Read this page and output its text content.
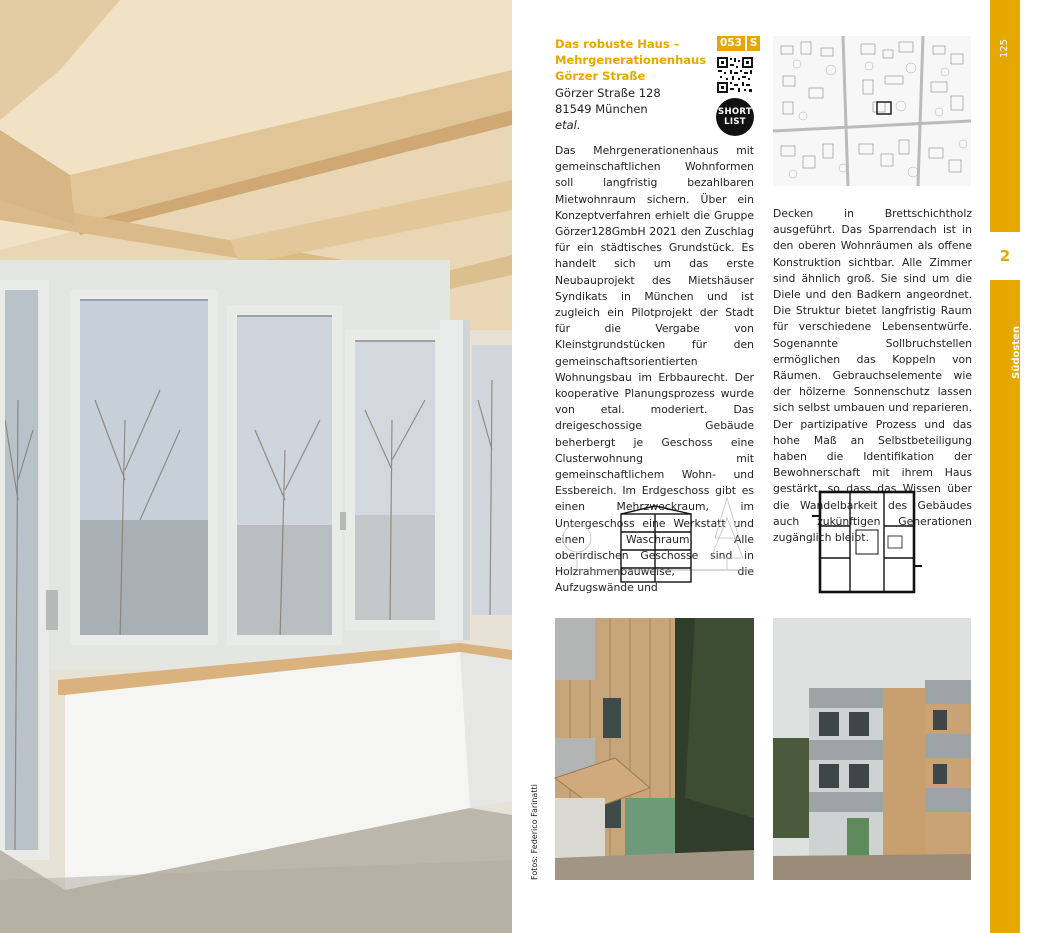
Das robuste Haus – Mehrgenerationenhaus Görzer Straße
Görzer Straße 128
81549 München
etal.
053 S
SHORT
LIST
Das Mehrgenerationenhaus mit gemeinschaftlichen Wohnformen soll langfristig bezahlbaren Mietwohnraum sichern. Über ein Konzeptverfahren erhielt die Gruppe Görzer128GmbH 2021 den Zuschlag für ein städtisches Grundstück. Es handelt sich um das erste Neubauprojekt des Mietshäuser Syndikats in München und ist zugleich ein Pilotprojekt der Stadt für die Vergabe von Kleinstgrundstücken für den gemeinschaftsorientierten Wohnungsbau im Erbbaurecht. Der kooperative Planungsprozess wurde von etal. moderiert. Das dreigeschossige Gebäude beherbergt je Geschoss eine Clusterwohnung mit gemeinschaftlichem Wohn- und Essbereich. Im Erdgeschoss gibt es einen Mehrzweckraum, im Untergeschoss eine Werkstatt und einen Waschraum. Alle oberirdischen Geschosse sind in Holzrahmenbauweise, die Aufzugswände und
Decken in Brettschichtholz ausgeführt. Das Sparrendach ist in den oberen Wohnräumen als offene Konstruktion sichtbar. Alle Zimmer sind ähnlich groß. Sie sind um die Diele und den Badkern angeordnet. Die Struktur bietet langfristig Raum für verschiedene Lebensentwürfe. Sogenannte Sollbruchstellen ermöglichen das Koppeln von Räumen. Gebrauchselemente wie der hölzerne Sonnenschutz lassen sich selbst umbauen und reparieren. Der partizipative Prozess und das hohe Maß an Selbstbeteiligung haben die Identifikation der Bewohnerschaft mit ihrem Haus gestärkt, so dass das Wissen über die Wandelbarkeit des Gebäudes auch zukünftigen Generationen zugänglich bleibt.
Fotos: Federico Farinatti
125
2
Südosten
